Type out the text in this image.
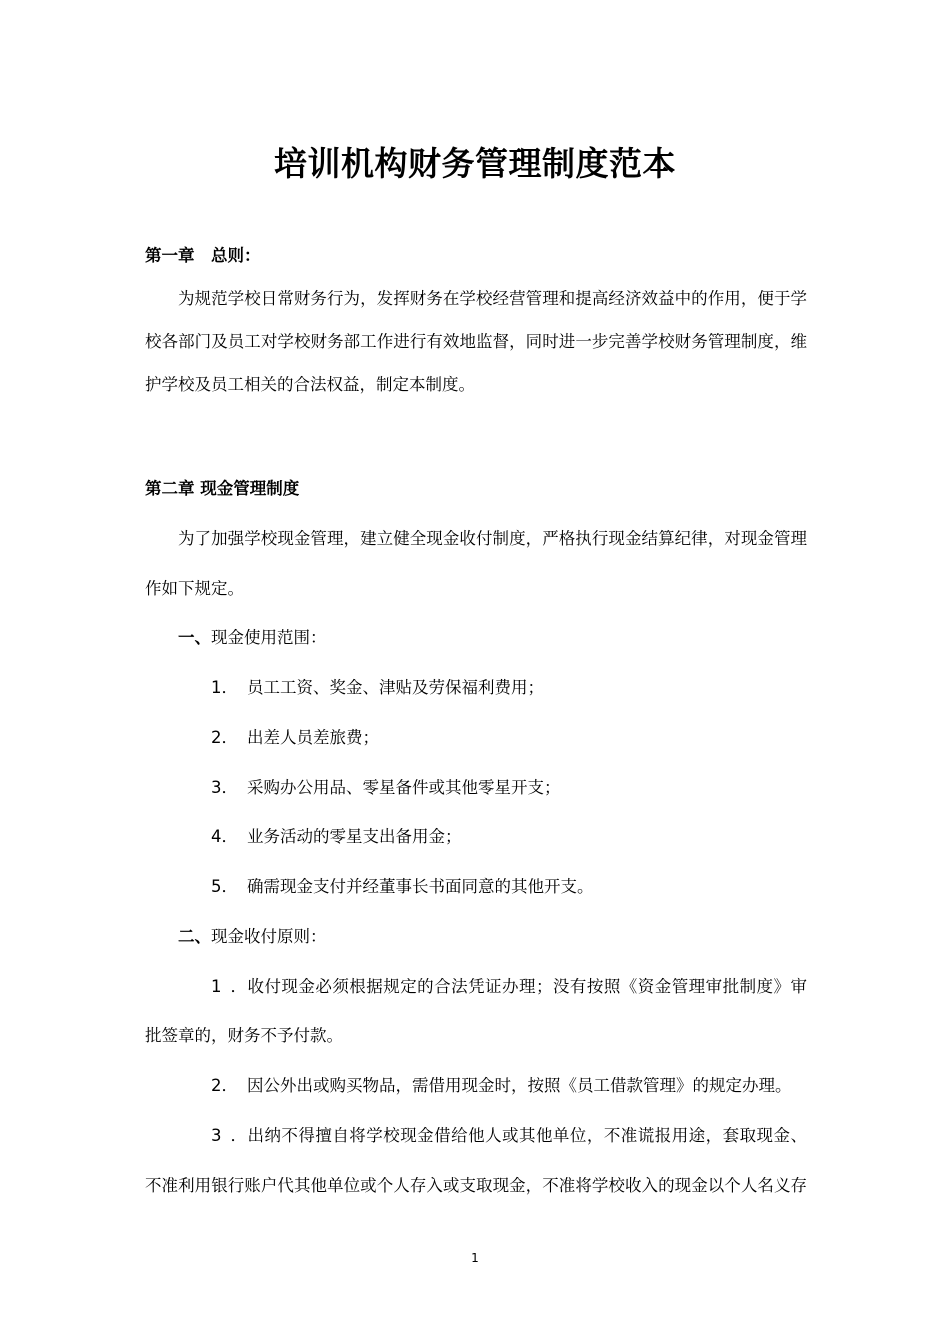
培训机构财务管理制度范本
第一章　总则：
为规范学校日常财务行为，发挥财务在学校经营管理和提高经济效益中的作用，便于学
校各部门及员工对学校财务部工作进行有效地监督，同时进一步完善学校财务管理制度，维
护学校及员工相关的合法权益，制定本制度。
第二章 现金管理制度
为了加强学校现金管理，建立健全现金收付制度，严格执行现金结算纪律，对现金管理
作如下规定。
一、现金使用范围：
1． 员工工资、奖金、津贴及劳保福利费用；
2． 出差人员差旅费；
3． 采购办公用品、零星备件或其他零星开支；
4． 业务活动的零星支出备用金；
5． 确需现金支付并经董事长书面同意的其他开支。
二、现金收付原则：
1．收付现金必须根据规定的合法凭证办理；没有按照《资金管理审批制度》审
批签章的，财务不予付款。
2． 因公外出或购买物品，需借用现金时，按照《员工借款管理》的规定办理。
3．出纳不得擅自将学校现金借给他人或其他单位，不准谎报用途，套取现金、
不准利用银行账户代其他单位或个人存入或支取现金，不准将学校收入的现金以个人名义存
1
